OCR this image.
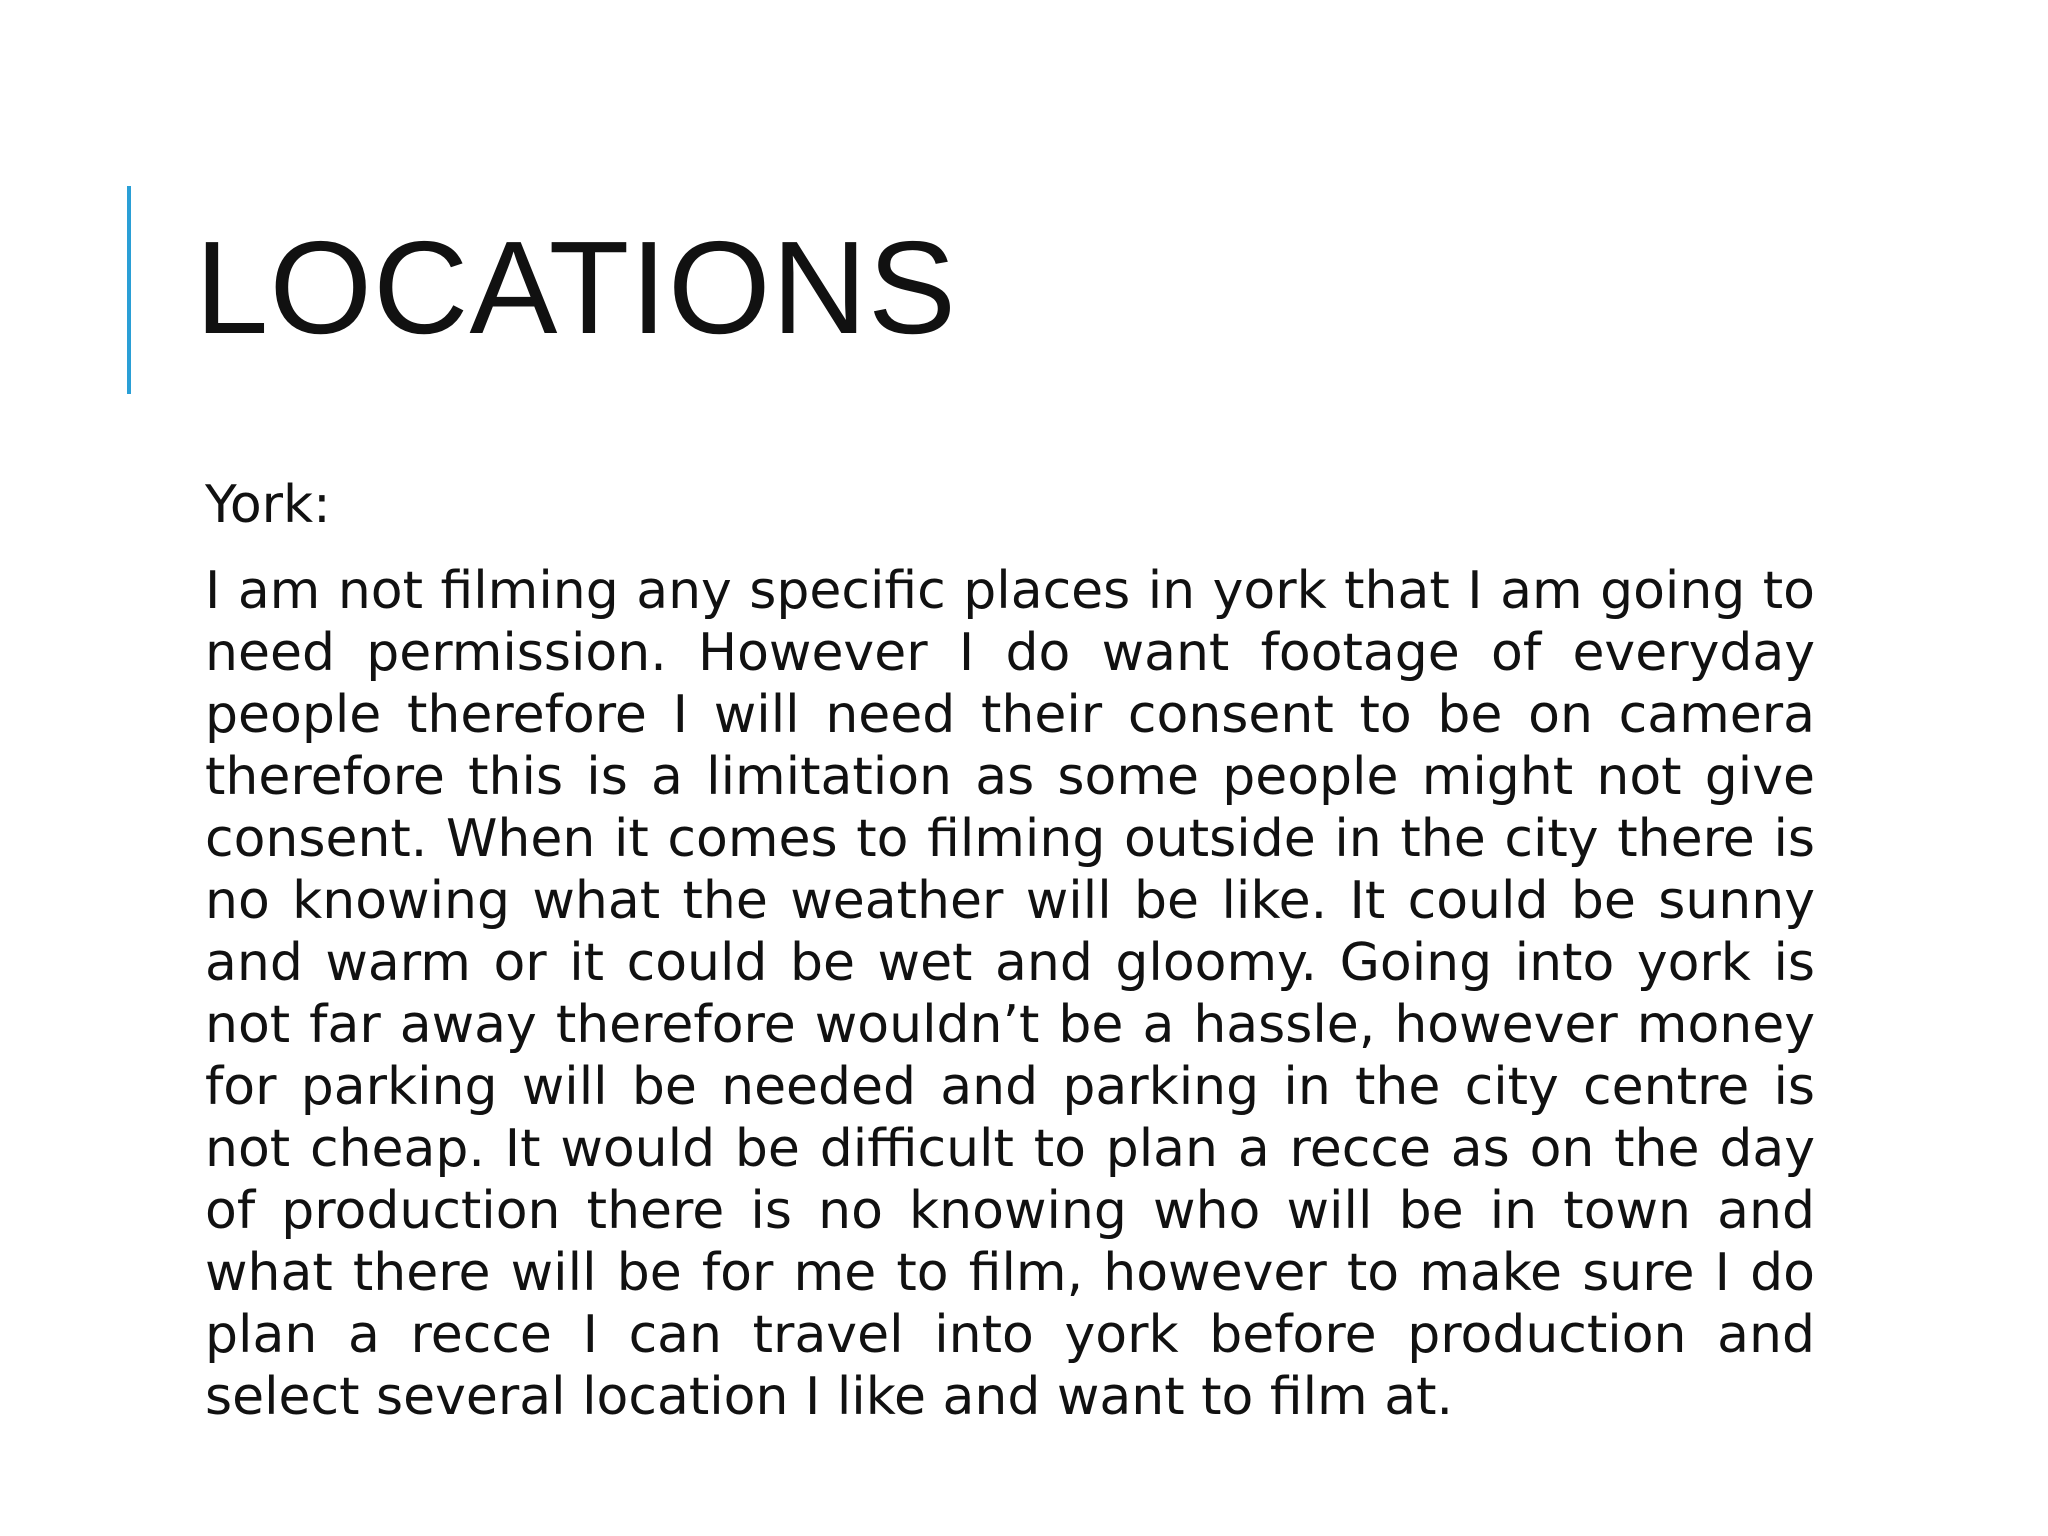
LOCATIONS

York:

I am not filming any specific places in york that I am going to need permission. However I do want footage of everyday people therefore I will need their consent to be on camera therefore this is a limitation as some people might not give consent. When it comes to filming outside in the city there is no knowing what the weather will be like. It could be sunny and warm or it could be wet and gloomy. Going into york is not far away therefore wouldn’t be a hassle, however money for parking will be needed and parking in the city centre is not cheap. It would be difficult to plan a recce as on the day of production there is no knowing who will be in town and what there will be for me to film, however to make sure I do plan a recce I can travel into york before production and select several location I like and want to film at.
